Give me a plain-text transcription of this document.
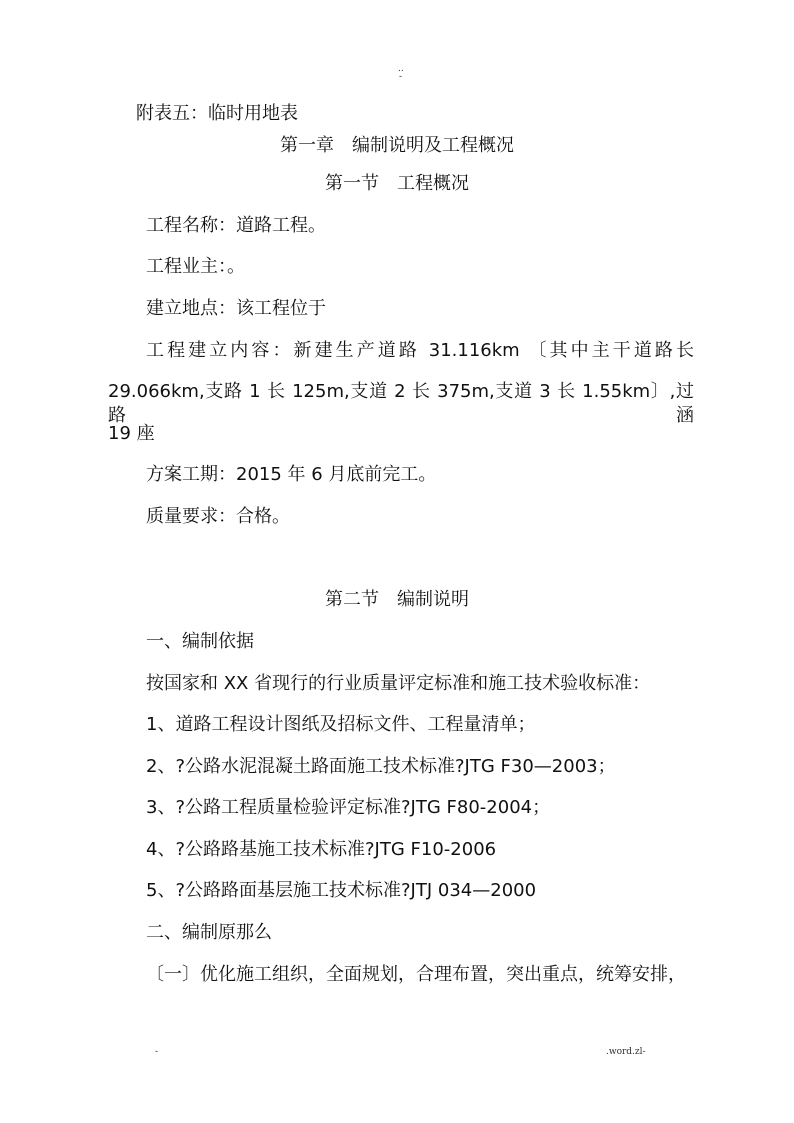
..
-
附表五：临时用地表
第一章　编制说明及工程概况
第一节　工程概况
工程名称：道路工程。
工程业主：。
建立地点：该工程位于
工程建立内容：新建生产道路 31.116km 〔其中主干道路长
29.066km,支路 1 长 125m,支道 2 长 375m,支道 3 长 1.55km〕,过路涵
19 座
方案工期：2015 年 6 月底前完工。
质量要求：合格。
第二节　编制说明
一、编制依据
按国家和 XX 省现行的行业质量评定标准和施工技术验收标准：
1、道路工程设计图纸及招标文件、工程量清单；
2、?公路水泥混凝土路面施工技术标准?JTG F30—2003；
3、?公路工程质量检验评定标准?JTG F80-2004；
4、?公路路基施工技术标准?JTG F10-2006
5、?公路路面基层施工技术标准?JTJ 034—2000
二、编制原那么
〔一〕优化施工组织，全面规划，合理布置，突出重点，统筹安排，
-	.word.zl-
